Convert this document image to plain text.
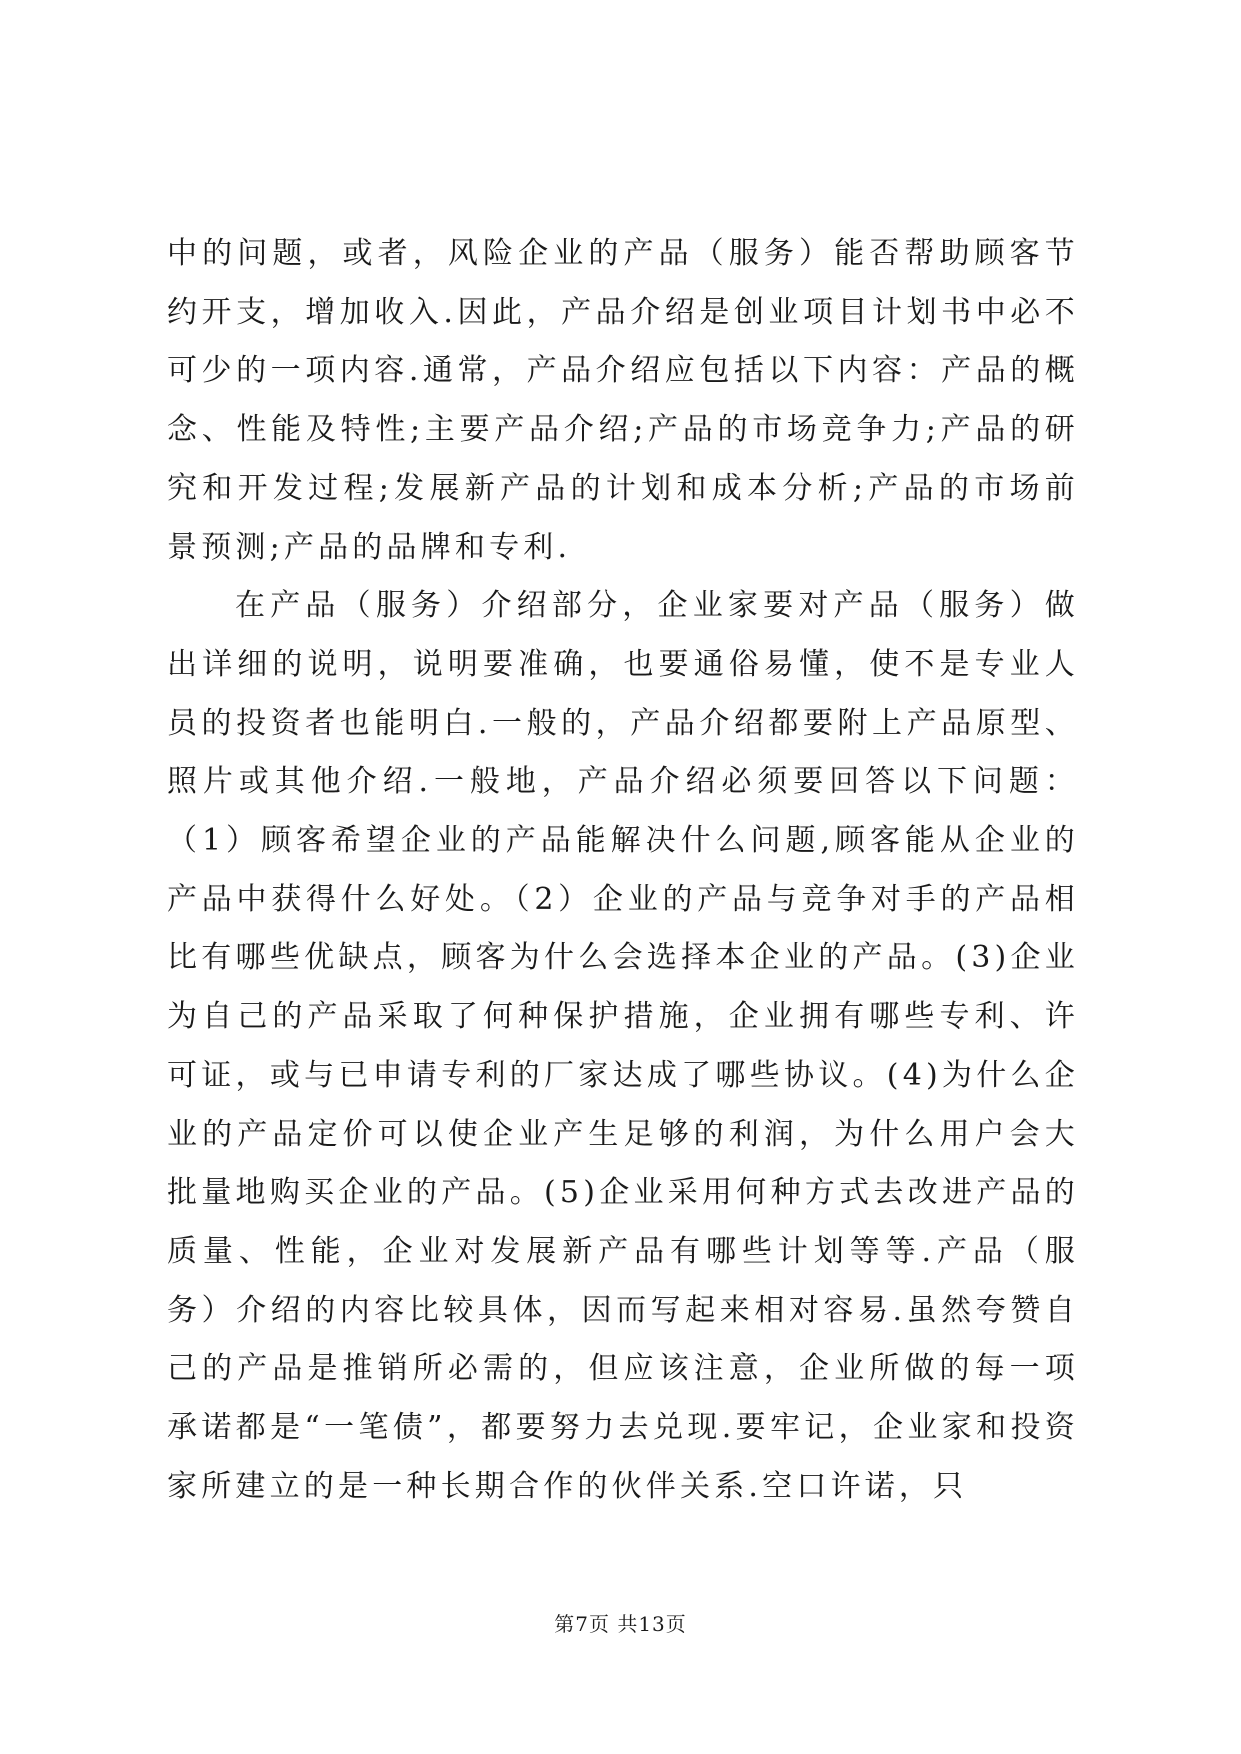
中的问题，或者，风险企业的产品（服务）能否帮助顾客节约开支，增加收入.因此，产品介绍是创业项目计划书中必不可少的一项内容.通常，产品介绍应包括以下内容：产品的概念、性能及特性;主要产品介绍;产品的市场竞争力;产品的研究和开发过程;发展新产品的计划和成本分析;产品的市场前景预测;产品的品牌和专利.

在产品（服务）介绍部分，企业家要对产品（服务）做出详细的说明，说明要准确，也要通俗易懂，使不是专业人员的投资者也能明白.一般的，产品介绍都要附上产品原型、照片或其他介绍.一般地，产品介绍必须要回答以下问题：（1）顾客希望企业的产品能解决什么问题,顾客能从企业的产品中获得什么好处。（2）企业的产品与竞争对手的产品相比有哪些优缺点，顾客为什么会选择本企业的产品。(3)企业为自己的产品采取了何种保护措施，企业拥有哪些专利、许可证，或与已申请专利的厂家达成了哪些协议。(4)为什么企业的产品定价可以使企业产生足够的利润，为什么用户会大批量地购买企业的产品。(5)企业采用何种方式去改进产品的质量、性能，企业对发展新产品有哪些计划等等.产品（服务）介绍的内容比较具体，因而写起来相对容易.虽然夸赞自己的产品是推销所必需的，但应该注意，企业所做的每一项承诺都是“一笔债”，都要努力去兑现.要牢记，企业家和投资家所建立的是一种长期合作的伙伴关系.空口许诺，只

第7页 共13页
